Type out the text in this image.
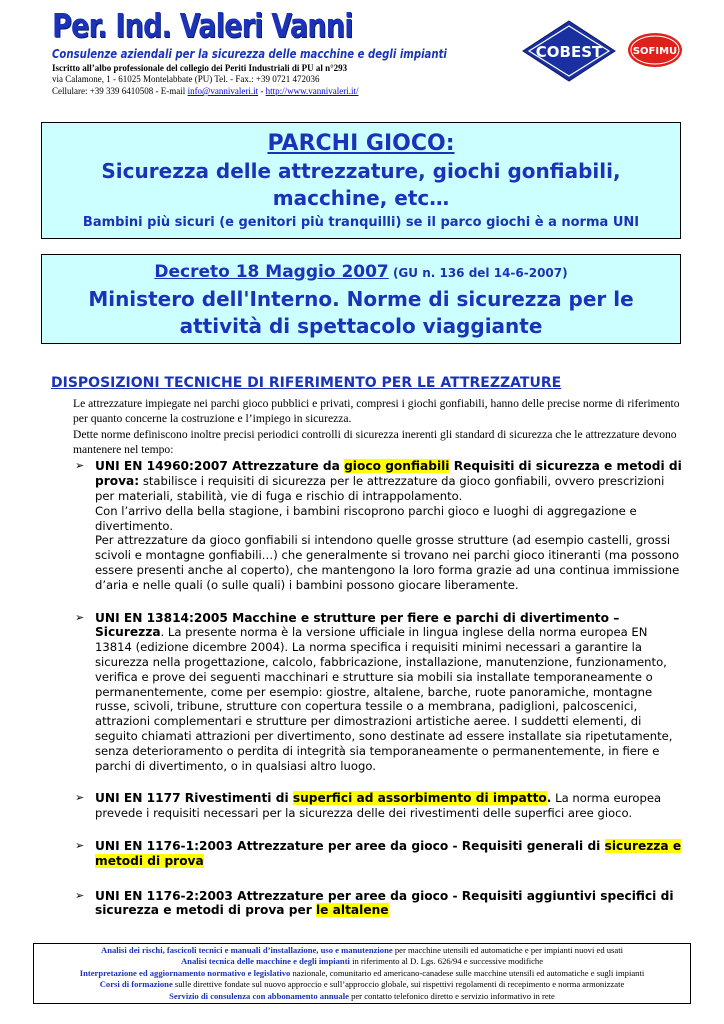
Per. Ind. Valeri Vanni
Consulenze aziendali per la sicurezza delle macchine e degli impianti
Iscritto all’albo professionale del collegio dei Periti Industriali di PU al n°293
via Calamone, 1 - 61025 Montelabbate (PU) Tel. - Fax.: +39 0721 472036
Cellulare: +39 339 6410508 - E-mail info@vannivaleri.it - http://www.vannivaleri.it/
COBEST	SOFIMU
PARCHI GIOCO:
Sicurezza delle attrezzature, giochi gonfiabili,
macchine, etc…
Bambini più sicuri (e genitori più tranquilli) se il parco giochi è a norma UNI
Decreto 18 Maggio 2007 (GU n. 136 del 14-6-2007)
Ministero dell'Interno. Norme di sicurezza per le
attività di spettacolo viaggiante
DISPOSIZIONI TECNICHE DI RIFERIMENTO PER LE ATTREZZATURE

Le attrezzature impiegate nei parchi gioco pubblici e privati, compresi i giochi gonfiabili, hanno delle precise norme di riferimento per quanto concerne la costruzione e l’impiego in sicurezza.

Dette norme definiscono inoltre precisi periodici controlli di sicurezza inerenti gli standard di sicurezza che le attrezzature devono mantenere nel tempo:

➢ UNI EN 14960:2007 Attrezzature da gioco gonfiabili Requisiti di sicurezza e metodi di prova: stabilisce i requisiti di sicurezza per le attrezzature da gioco gonfiabili, ovvero prescrizioni per materiali, stabilità, vie di fuga e rischio di intrappolamento.
Con l’arrivo della bella stagione, i bambini riscoprono parchi gioco e luoghi di aggregazione e divertimento.
Per attrezzature da gioco gonfiabili si intendono quelle grosse strutture (ad esempio castelli, grossi scivoli e montagne gonfiabili…) che generalmente si trovano nei parchi gioco itineranti (ma possono essere presenti anche al coperto), che mantengono la loro forma grazie ad una continua immissione d’aria e nelle quali (o sulle quali) i bambini possono giocare liberamente.
➢ UNI EN 13814:2005 Macchine e strutture per fiere e parchi di divertimento – Sicurezza. La presente norma è la versione ufficiale in lingua inglese della norma europea EN 13814 (edizione dicembre 2004). La norma specifica i requisiti minimi necessari a garantire la sicurezza nella progettazione, calcolo, fabbricazione, installazione, manutenzione, funzionamento, verifica e prove dei seguenti macchinari e strutture sia mobili sia installate temporaneamente o permanentemente, come per esempio: giostre, altalene, barche, ruote panoramiche, montagne russe, scivoli, tribune, strutture con copertura tessile o a membrana, padiglioni, palcoscenici, attrazioni complementari e strutture per dimostrazioni artistiche aeree. I suddetti elementi, di seguito chiamati attrazioni per divertimento, sono destinate ad essere installate sia ripetutamente, senza deterioramento o perdita di integrità sia temporaneamente o permanentemente, in fiere e parchi di divertimento, o in qualsiasi altro luogo.
➢ UNI EN 1177 Rivestimenti di superfici ad assorbimento di impatto. La norma europea prevede i requisiti necessari per la sicurezza delle dei rivestimenti delle superfici aree gioco.
➢ UNI EN 1176-1:2003 Attrezzature per aree da gioco - Requisiti generali di sicurezza e metodi di prova
➢ UNI EN 1176-2:2003 Attrezzature per aree da gioco - Requisiti aggiuntivi specifici di sicurezza e metodi di prova per le altalene
Analisi dei rischi, fascicoli tecnici e manuali d’installazione, uso e manutenzione per macchine utensili ed automatiche e per impianti nuovi ed usati
Analisi tecnica delle macchine e degli impianti in riferimento al D. Lgs. 626/94 e successive modifiche
Interpretazione ed aggiornamento normativo e legislativo nazionale, comunitario ed americano-canadese sulle macchine utensili ed automatiche e sugli impianti
Corsi di formazione sulle direttive fondate sul nuovo approccio e sull’approccio globale, sui rispettivi regolamenti di recepimento e norma armonizzate
Servizio di consulenza con abbonamento annuale per contatto telefonico diretto e servizio informativo in rete
